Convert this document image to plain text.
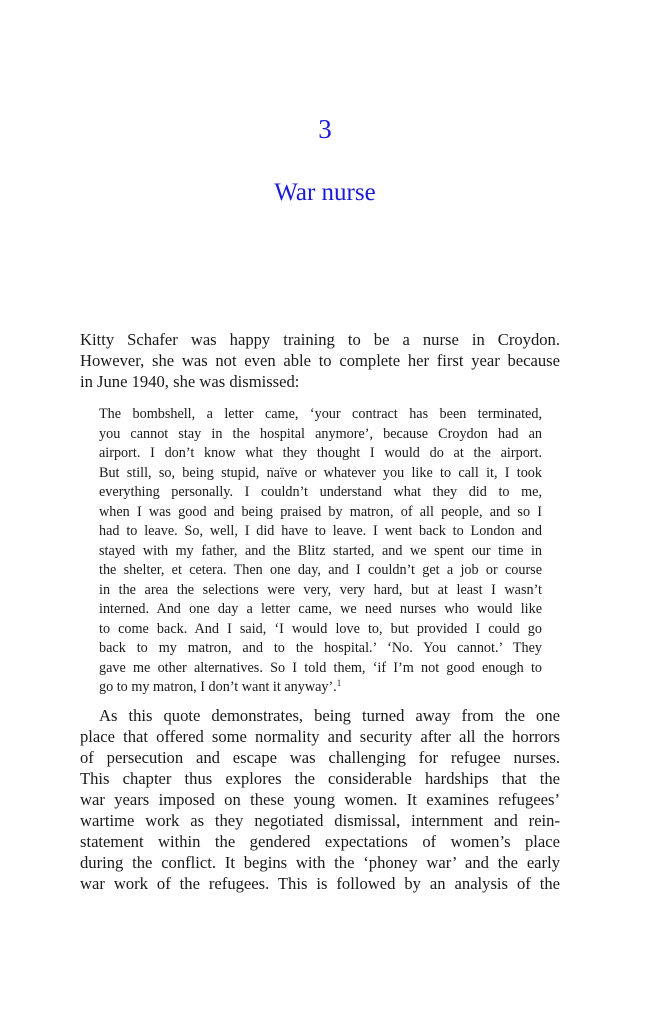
3
War nurse
Kitty Schafer was happy training to be a nurse in Croydon.
However, she was not even able to complete her first year because
in June 1940, she was dismissed:
The bombshell, a letter came, ‘your contract has been terminated,
you cannot stay in the hospital anymore’, because Croydon had an
airport. I don’t know what they thought I would do at the airport.
But still, so, being stupid, naïve or whatever you like to call it, I took
everything personally. I couldn’t understand what they did to me,
when I was good and being praised by matron, of all people, and so I
had to leave. So, well, I did have to leave. I went back to London and
stayed with my father, and the Blitz started, and we spent our time in
the shelter, et cetera. Then one day, and I couldn’t get a job or course
in the area the selections were very, very hard, but at least I wasn’t
interned. And one day a letter came, we need nurses who would like
to come back. And I said, ‘I would love to, but provided I could go
back to my matron, and to the hospital.’ ‘No. You cannot.’ They
gave me other alternatives. So I told them, ‘if I’m not good enough to
go to my matron, I don’t want it anyway’.$^1$
As this quote demonstrates, being turned away from the one
place that offered some normality and security after all the horrors
of persecution and escape was challenging for refugee nurses.
This chapter thus explores the considerable hardships that the
war years imposed on these young women. It examines refugees’
wartime work as they negotiated dismissal, internment and rein-
statement within the gendered expectations of women’s place
during the conflict. It begins with the ‘phoney war’ and the early
war work of the refugees. This is followed by an analysis of the
